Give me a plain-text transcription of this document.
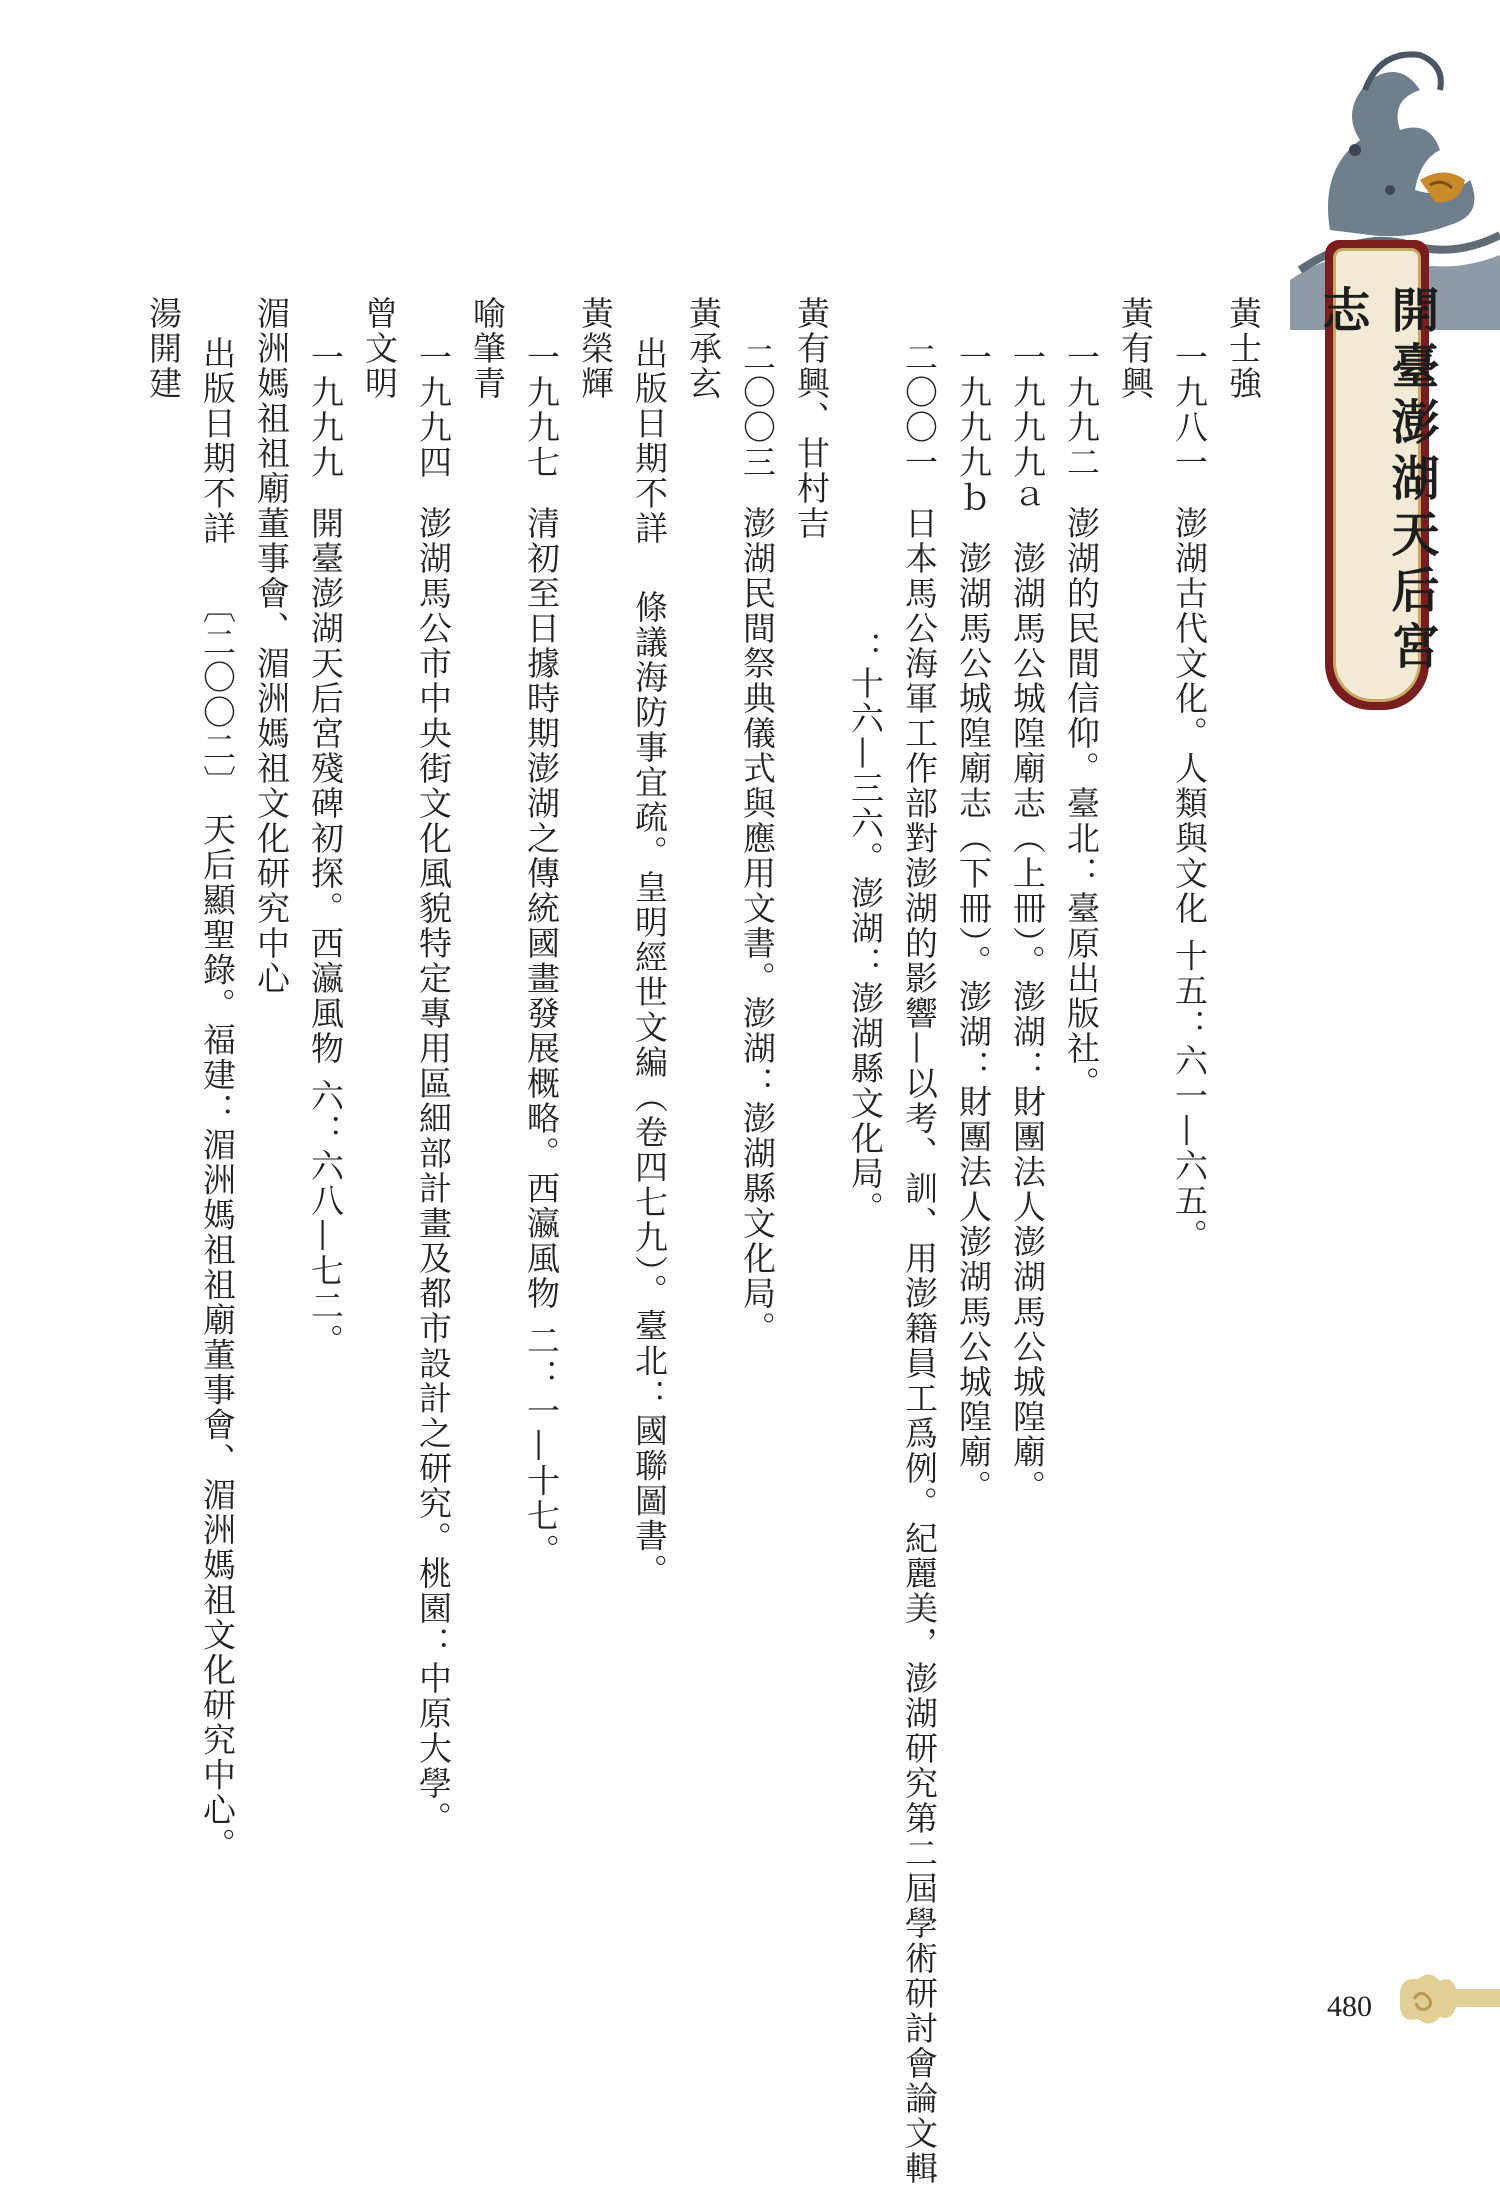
開臺澎湖天后宮志
黃士強
一九八一澎湖古代文化。人類與文化 十五：六一—六五。
黃有興
一九九二澎湖的民間信仰。臺北：臺原出版社。
一九九九ａ澎湖馬公城隍廟志（上冊）。澎湖：財團法人澎湖馬公城隍廟。
一九九九ｂ澎湖馬公城隍廟志（下冊）。澎湖：財團法人澎湖馬公城隍廟。
二〇〇一日本馬公海軍工作部對澎湖的影響—以考、訓、用澎籍員工爲例。紀麗美，澎湖研究第二屆學術研討會論文輯
：十六—三六。澎湖：澎湖縣文化局。
黃有興、甘村吉
二〇〇三澎湖民間祭典儀式與應用文書。澎湖：澎湖縣文化局。
黃承玄
出版日期不詳條議海防事宜疏。皇明經世文編（卷四七九）。臺北：國聯圖書。
黃榮輝
一九九七清初至日據時期澎湖之傳統國畫發展概略。西瀛風物 二：一—十七。
喻肇青
一九九四澎湖馬公市中央街文化風貌特定專用區細部計畫及都市設計之研究。桃園：中原大學。
曾文明
一九九九開臺澎湖天后宮殘碑初探。西瀛風物 六：六八—七二。
湄洲媽祖祖廟董事會、湄洲媽祖文化研究中心
出版日期不詳〔二〇〇二〕 天后顯聖錄。福建：湄洲媽祖祖廟董事會、湄洲媽祖文化研究中心。
湯開建
480
